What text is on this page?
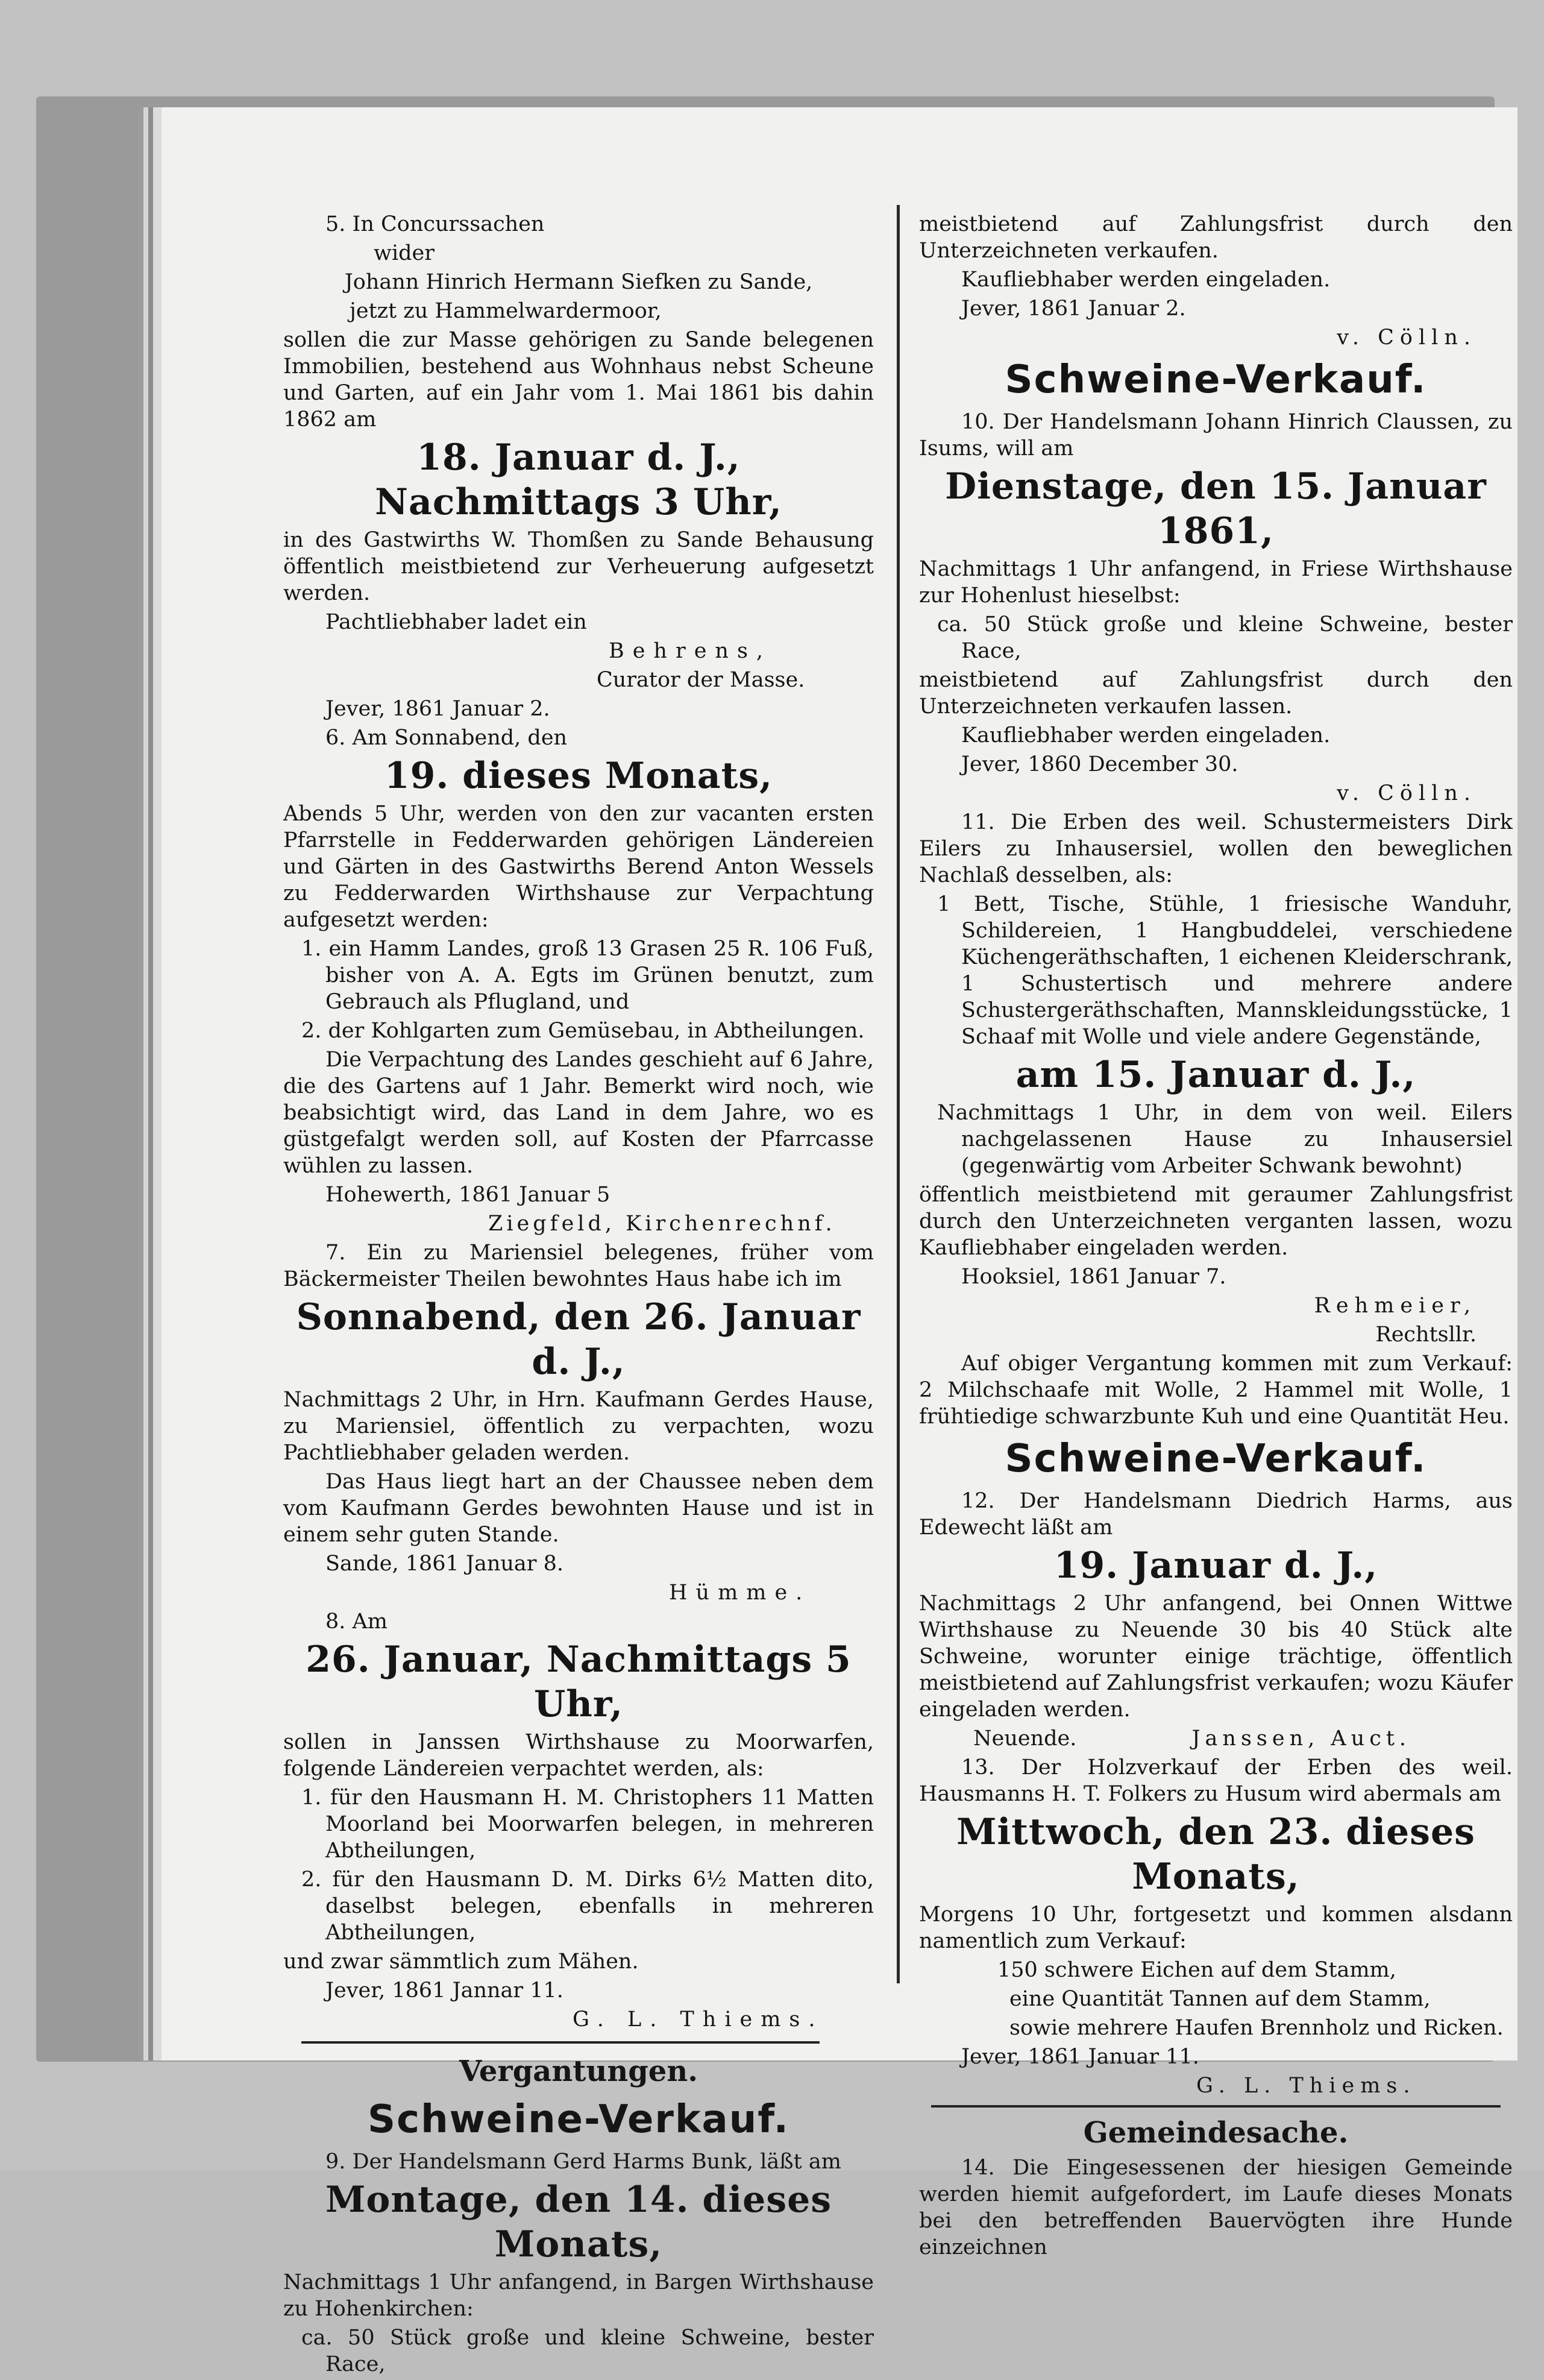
5. In Concurssachen
wider
Johann Hinrich Hermann Siefken zu Sande,
jetzt zu Hammelwardermoor,
sollen die zur Masse gehörigen zu Sande belegenen Immobilien, bestehend aus Wohnhaus nebst Scheune und Garten, auf ein Jahr vom 1. Mai 1861 bis dahin 1862 am
18. Januar d. J., Nachmittags 3 Uhr,
in des Gastwirths W. Thomßen zu Sande Behausung öffentlich meistbietend zur Verheuerung aufgesetzt werden.
Pachtliebhaber ladet ein
Behrens,
Curator der Masse.
Jever, 1861 Januar 2.
6. Am Sonnabend, den
19. dieses Monats,
Abends 5 Uhr, werden von den zur vacanten ersten Pfarrstelle in Fedderwarden gehörigen Ländereien und Gärten in des Gastwirths Berend Anton Wessels zu Fedderwarden Wirthshause zur Verpachtung aufgesetzt werden:
1. ein Hamm Landes, groß 13 Grasen 25 R. 106 Fuß, bisher von A. A. Egts im Grünen benutzt, zum Gebrauch als Pflugland, und
2. der Kohlgarten zum Gemüsebau, in Abtheilungen.
Die Verpachtung des Landes geschieht auf 6 Jahre, die des Gartens auf 1 Jahr. Bemerkt wird noch, wie beabsichtigt wird, das Land in dem Jahre, wo es güstgefalgt werden soll, auf Kosten der Pfarrcasse wühlen zu lassen.
Hohewerth, 1861 Januar 5
Ziegfeld, Kirchenrechnf.
7. Ein zu Mariensiel belegenes, früher vom Bäckermeister Theilen bewohntes Haus habe ich im
Sonnabend, den 26. Januar d. J.,
Nachmittags 2 Uhr, in Hrn. Kaufmann Gerdes Hause, zu Mariensiel, öffentlich zu verpachten, wozu Pachtliebhaber geladen werden.
Das Haus liegt hart an der Chaussee neben dem vom Kaufmann Gerdes bewohnten Hause und ist in einem sehr guten Stande.
Sande, 1861 Januar 8.
Hümme.
8. Am
26. Januar, Nachmittags 5 Uhr,
sollen in Janssen Wirthshause zu Moorwarfen, folgende Ländereien verpachtet werden, als:
1. für den Hausmann H. M. Christophers 11 Matten Moorland bei Moorwarfen belegen, in mehreren Abtheilungen,
2. für den Hausmann D. M. Dirks 6½ Matten dito, daselbst belegen, ebenfalls in mehreren Abtheilungen,
und zwar sämmtlich zum Mähen.
Jever, 1861 Jannar 11.
G. L. Thiems.
Vergantungen.
Schweine-Verkauf.
9. Der Handelsmann Gerd Harms Bunk, läßt am
Montage, den 14. dieses Monats,
Nachmittags 1 Uhr anfangend, in Bargen Wirthshause zu Hohenkirchen:
ca. 50 Stück große und kleine Schweine, bester Race,
meistbietend auf Zahlungsfrist durch den Unterzeichneten verkaufen.
Kaufliebhaber werden eingeladen.
Jever, 1861 Januar 2.
v. Cölln.
Schweine-Verkauf.
10. Der Handelsmann Johann Hinrich Claussen, zu Isums, will am
Dienstage, den 15. Januar 1861,
Nachmittags 1 Uhr anfangend, in Friese Wirthshause zur Hohenlust hieselbst:
ca. 50 Stück große und kleine Schweine, bester Race,
meistbietend auf Zahlungsfrist durch den Unterzeichneten verkaufen lassen.
Kaufliebhaber werden eingeladen.
Jever, 1860 December 30.
v. Cölln.
11. Die Erben des weil. Schustermeisters Dirk Eilers zu Inhausersiel, wollen den beweglichen Nachlaß desselben, als:
1 Bett, Tische, Stühle, 1 friesische Wanduhr, Schildereien, 1 Hangbuddelei, verschiedene Küchengeräthschaften, 1 eichenen Kleiderschrank, 1 Schustertisch und mehrere andere Schustergeräthschaften, Mannskleidungsstücke, 1 Schaaf mit Wolle und viele andere Gegenstände,
am 15. Januar d. J.,
Nachmittags 1 Uhr, in dem von weil. Eilers nachgelassenen Hause zu Inhausersiel (gegenwärtig vom Arbeiter Schwank bewohnt)
öffentlich meistbietend mit geraumer Zahlungsfrist durch den Unterzeichneten verganten lassen, wozu Kaufliebhaber eingeladen werden.
Hooksiel, 1861 Januar 7.
Rehmeier,
Rechtsllr.
Auf obiger Vergantung kommen mit zum Verkauf: 2 Milchschaafe mit Wolle, 2 Hammel mit Wolle, 1 frühtiedige schwarzbunte Kuh und eine Quantität Heu.
Schweine-Verkauf.
12. Der Handelsmann Diedrich Harms, aus Edewecht läßt am
19. Januar d. J.,
Nachmittags 2 Uhr anfangend, bei Onnen Wittwe Wirthshause zu Neuende 30 bis 40 Stück alte Schweine, worunter einige trächtige, öffentlich meistbietend auf Zahlungsfrist verkaufen; wozu Käufer eingeladen werden.
Neuende.	Janssen, Auct.
13. Der Holzverkauf der Erben des weil. Hausmanns H. T. Folkers zu Husum wird abermals am
Mittwoch, den 23. dieses Monats,
Morgens 10 Uhr, fortgesetzt und kommen alsdann namentlich zum Verkauf:
150 schwere Eichen auf dem Stamm,
eine Quantität Tannen auf dem Stamm,
sowie mehrere Haufen Brennholz und Ricken.
Jever, 1861 Januar 11.
G. L. Thiems.
Gemeindesache.
14. Die Eingesessenen der hiesigen Gemeinde werden hiemit aufgefordert, im Laufe dieses Monats bei den betreffenden Bauervögten ihre Hunde einzeichnen
